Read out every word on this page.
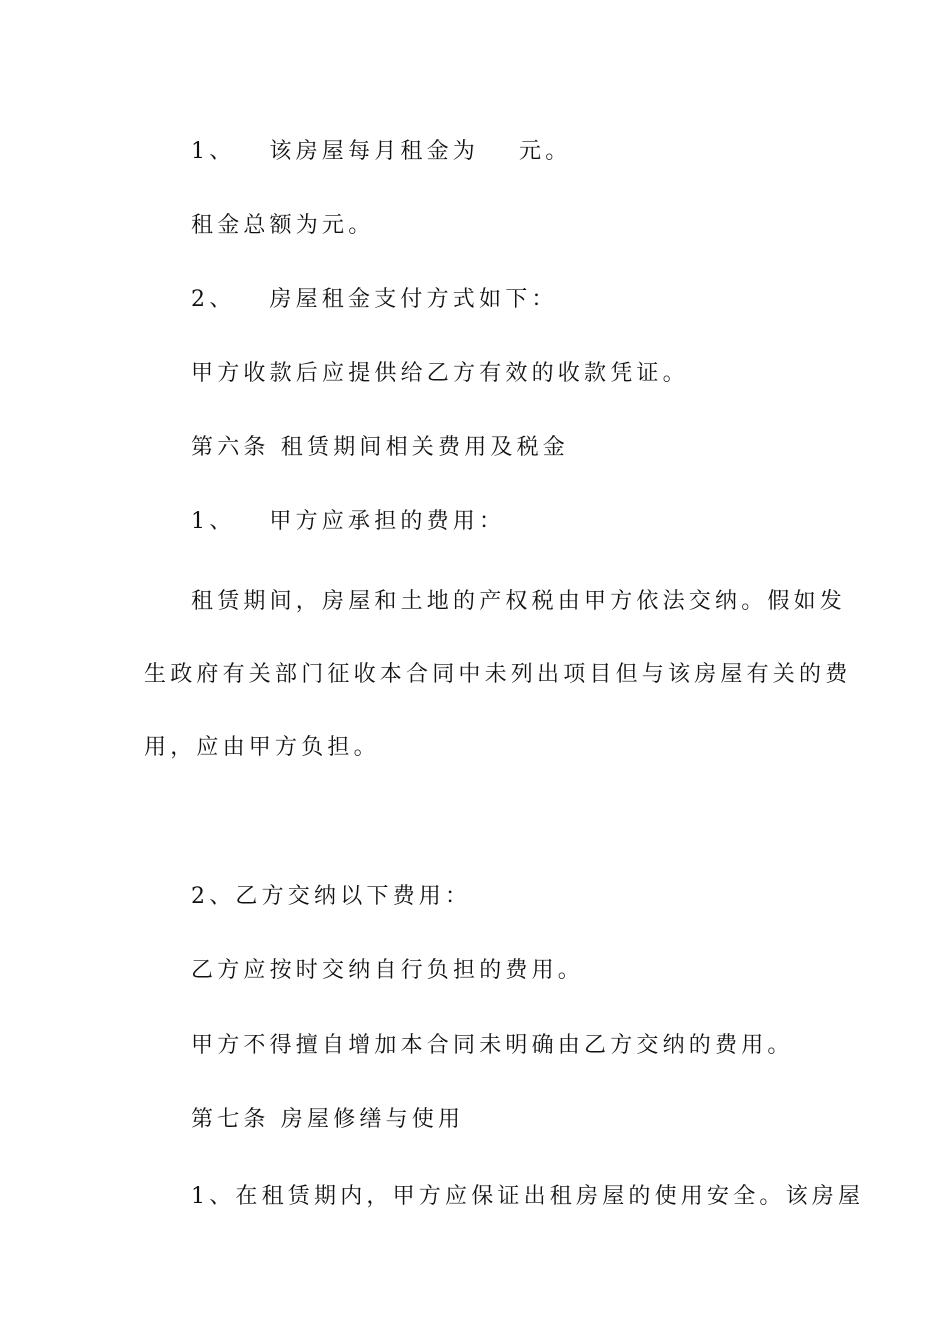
1、 该房屋每月租金为 元。
租金总额为元。
2、 房屋租金支付方式如下：
甲方收款后应提供给乙方有效的收款凭证。
第六条 租赁期间相关费用及税金
1、 甲方应承担的费用：
租赁期间，房屋和土地的产权税由甲方依法交纳。假如发
生政府有关部门征收本合同中未列出项目但与该房屋有关的费
用，应由甲方负担。
2、乙方交纳以下费用：
乙方应按时交纳自行负担的费用。
甲方不得擅自增加本合同未明确由乙方交纳的费用。
第七条 房屋修缮与使用
1、在租赁期内，甲方应保证出租房屋的使用安全。该房屋
